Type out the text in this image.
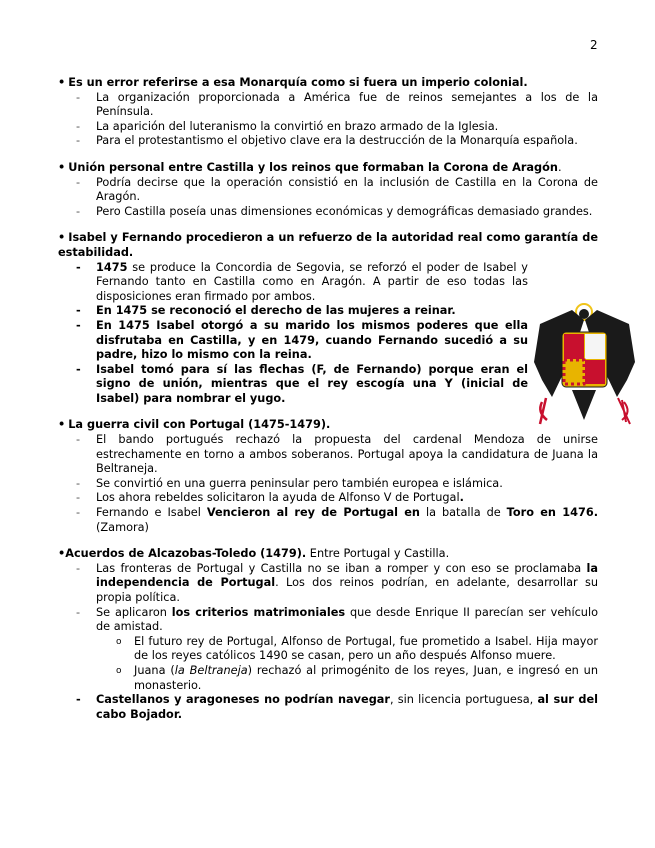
2
• Es un error referirse a esa Monarquía como si fuera un imperio colonial.
- La organización proporcionada a América fue de reinos semejantes a los de la Península.
- La aparición del luteranismo la convirtió en brazo armado de la Iglesia.
- Para el protestantismo el objetivo clave era la destrucción de la Monarquía española.
• Unión personal entre Castilla y los reinos que formaban la Corona de Aragón.
- Podría decirse que la operación consistió en la inclusión de Castilla en la Corona de Aragón.
- Pero Castilla poseía unas dimensiones económicas y demográficas demasiado grandes.
• Isabel y Fernando procedieron a un refuerzo de la autoridad real como garantía de estabilidad.
- 1475 se produce la Concordia de Segovia, se reforzó el poder de Isabel y Fernando tanto en Castilla como en Aragón. A partir de eso todas las disposiciones eran firmado por ambos.
- En 1475 se reconoció el derecho de las mujeres a reinar.
- En 1475 Isabel otorgó a su marido los mismos poderes que ella disfrutaba en Castilla, y en 1479, cuando Fernando sucedió a su padre, hizo lo mismo con la reina.
- Isabel tomó para sí las flechas (F, de Fernando) porque eran el signo de unión, mientras que el rey escogía una Y (inicial de Isabel) para nombrar el yugo.
• La guerra civil con Portugal (1475-1479).
- El bando portugués rechazó la propuesta del cardenal Mendoza de unirse estrechamente en torno a ambos soberanos. Portugal apoya la candidatura de Juana la Beltraneja.
- Se convirtió en una guerra peninsular pero también europea e islámica.
- Los ahora rebeldes solicitaron la ayuda de Alfonso V de Portugal.
- Fernando e Isabel Vencieron al rey de Portugal en la batalla de Toro en 1476. (Zamora)
•Acuerdos de Alcazobas-Toledo (1479). Entre Portugal y Castilla.
- Las fronteras de Portugal y Castilla no se iban a romper y con eso se proclamaba la independencia de Portugal. Los dos reinos podrían, en adelante, desarrollar su propia política.
- Se aplicaron los criterios matrimoniales que desde Enrique II parecían ser vehículo de amistad.
o El futuro rey de Portugal, Alfonso de Portugal, fue prometido a Isabel. Hija mayor de los reyes católicos 1490 se casan, pero un año después Alfonso muere.
o Juana (la Beltraneja) rechazó al primogénito de los reyes, Juan, e ingresó en un monasterio.
- Castellanos y aragoneses no podrían navegar, sin licencia portuguesa, al sur del cabo Bojador.
